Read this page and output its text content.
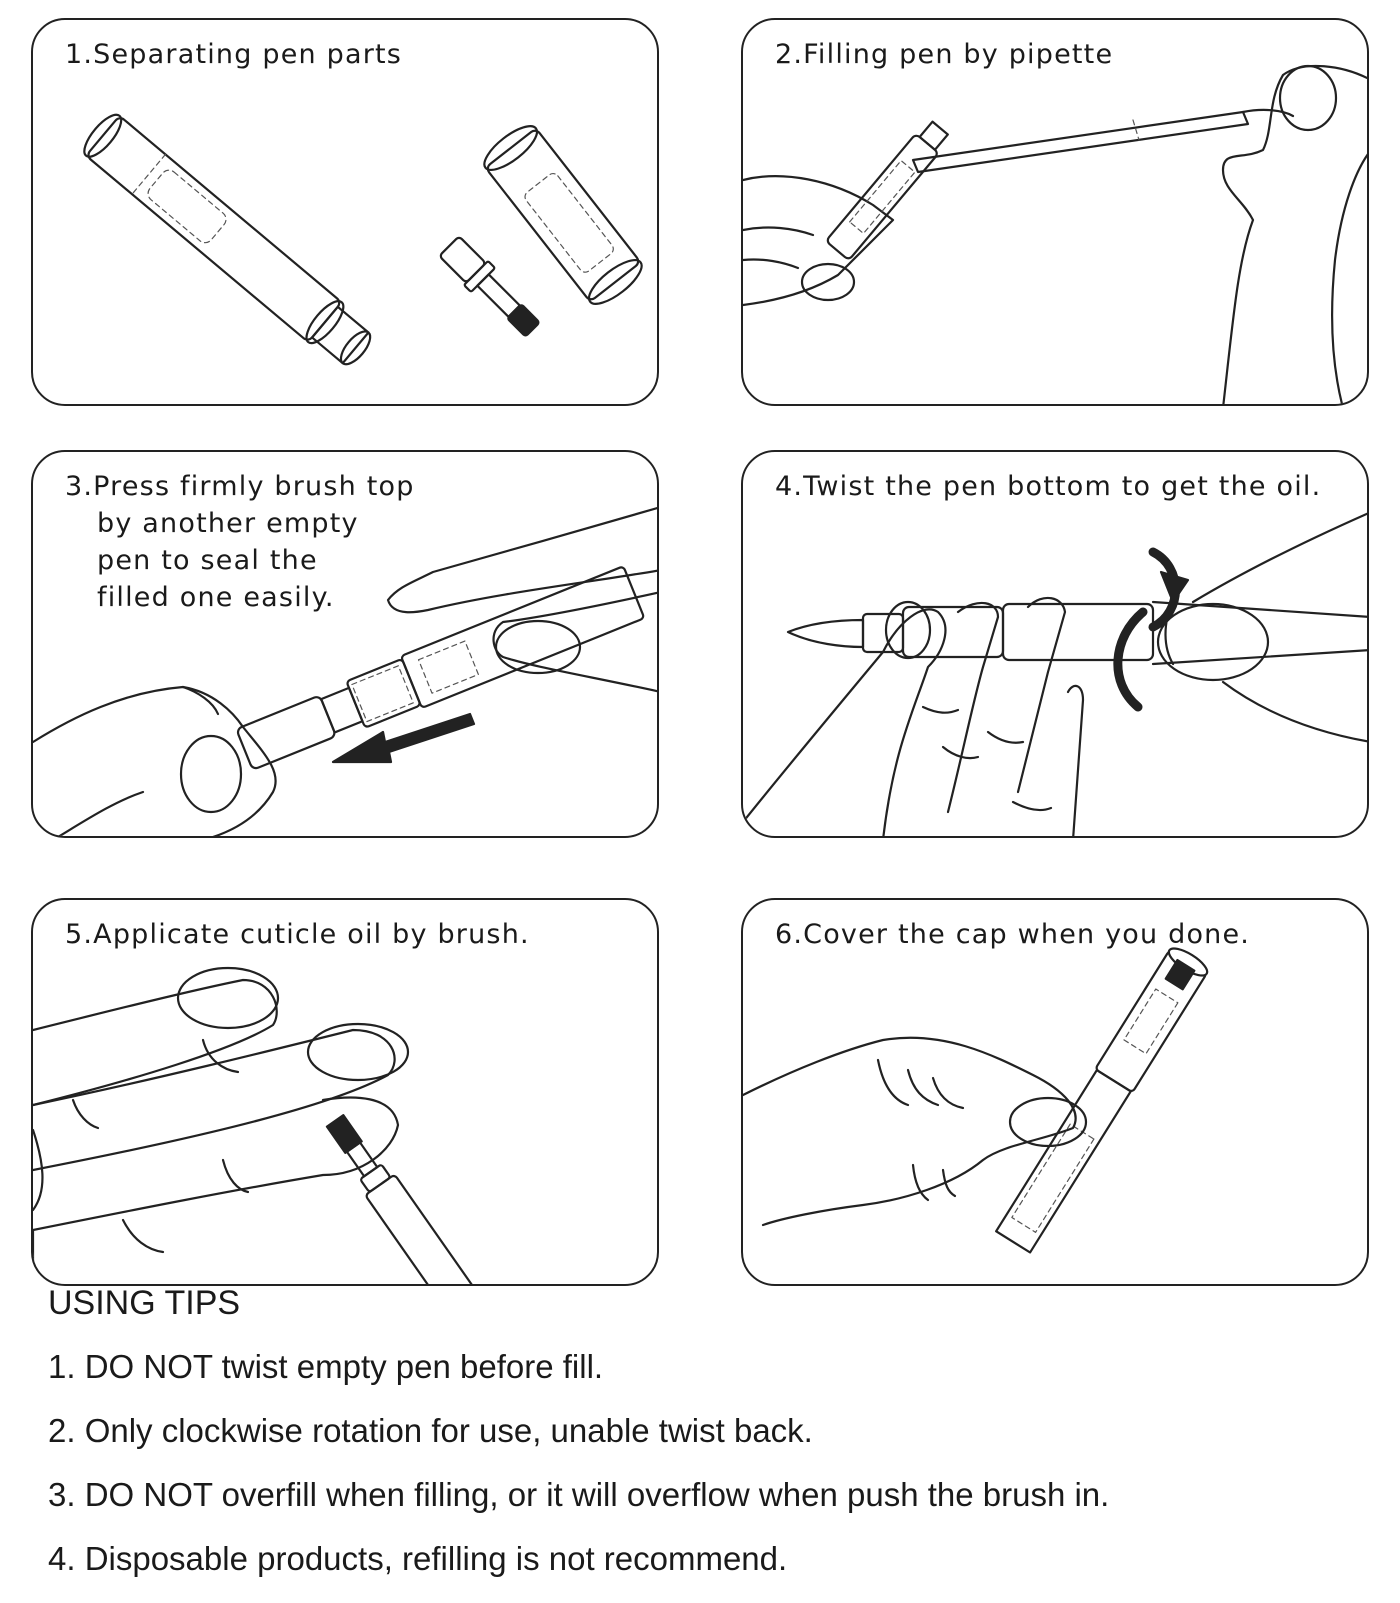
1.Separating pen parts	2.Filling pen by pipette
3.Press firmly brush top
by another empty
pen to seal the
filled one easily.
4.Twist the pen bottom to get the oil.
5.Applicate cuticle oil by brush.	6.Cover the cap when you done.
USING TIPS
1. DO NOT twist empty pen before fill.
2. Only clockwise rotation for use, unable twist back.
3. DO NOT overfill when filling, or it will overflow when push the brush in.
4. Disposable products, refilling is not recommend.
